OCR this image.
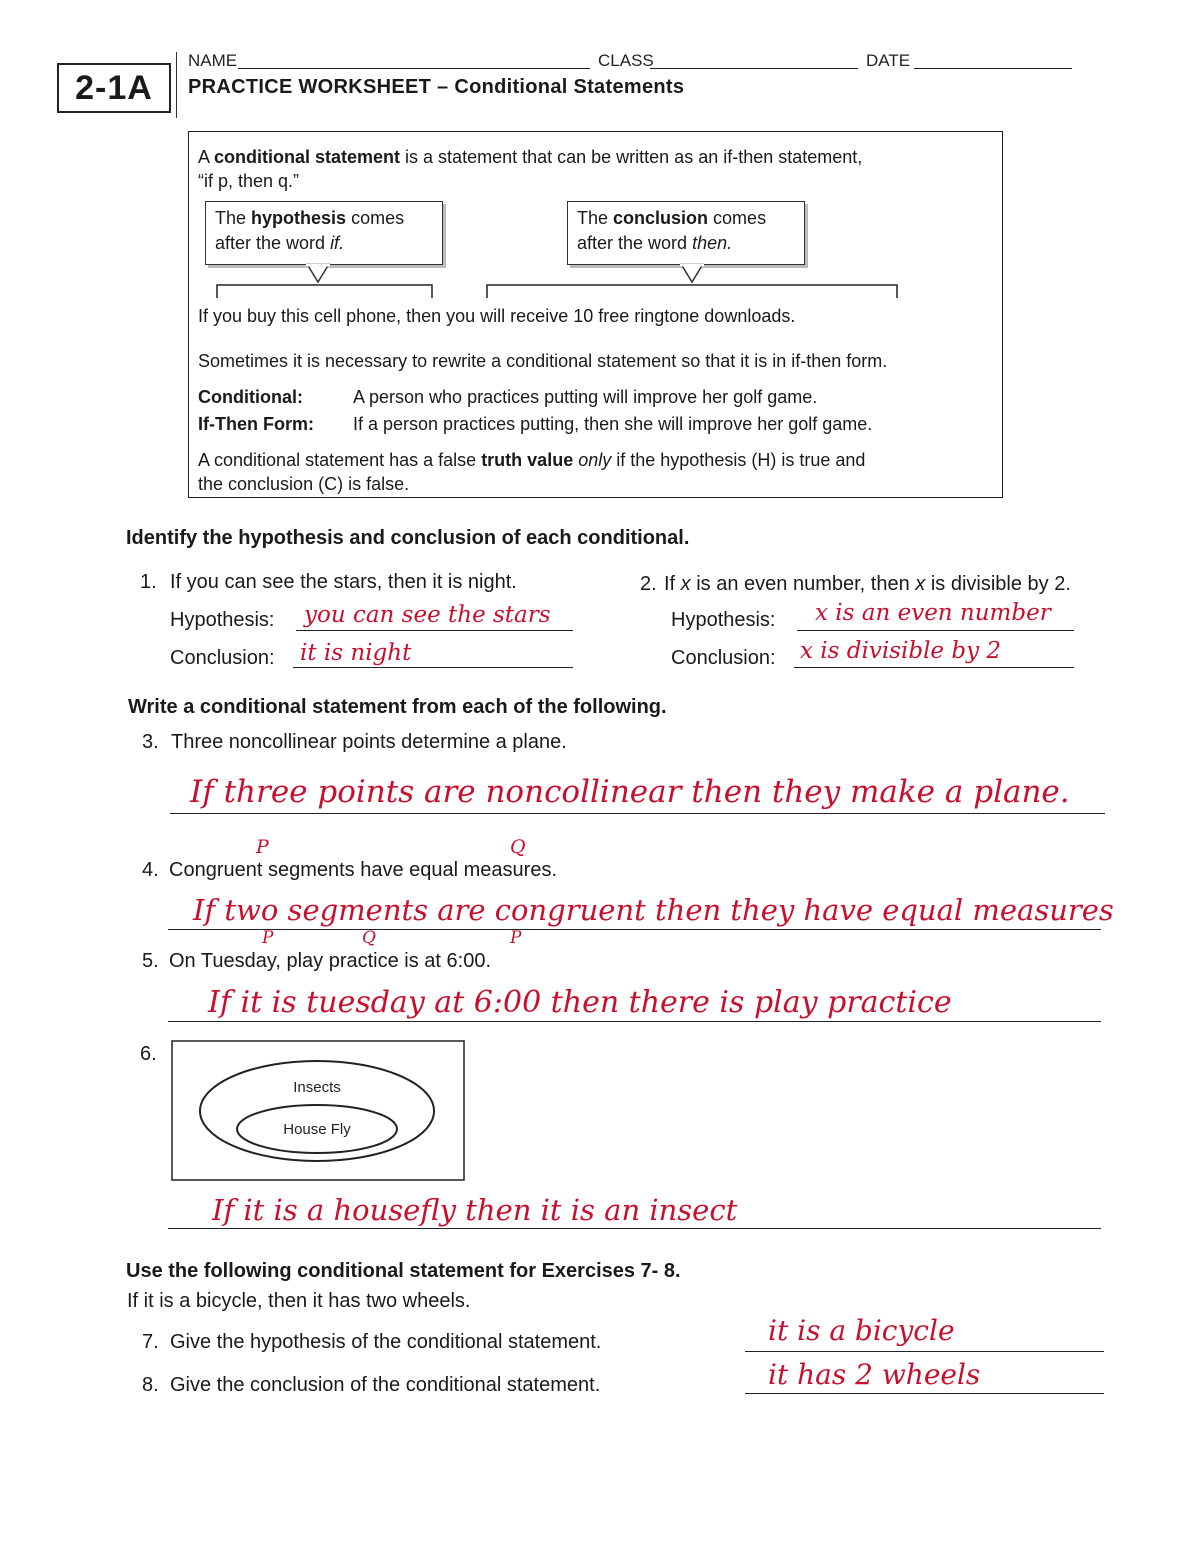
2-1A
NAME	CLASS	DATE
PRACTICE WORKSHEET – Conditional Statements
A conditional statement is a statement that can be written as an if-then statement,
“if p, then q.”
The hypothesis comes
after the word if.
The conclusion comes
after the word then.
If you buy this cell phone, then you will receive 10 free ringtone downloads.
Sometimes it is necessary to rewrite a conditional statement so that it is in if-then form.
Conditional:	A person who practices putting will improve her golf game.
If-Then Form: If a person practices putting, then she will improve her golf game.
A conditional statement has a false truth value only if the hypothesis (H) is true and
the conclusion (C) is false.
Identify the hypothesis and conclusion of each conditional.
1. If you can see the stars, then it is night.
Hypothesis: you can see the stars
Conclusion: it is night
2. If x is an even number, then x is divisible by 2.
Hypothesis: x is an even number
Conclusion: x is divisible by 2
Write a conditional statement from each of the following.
3. Three noncollinear points determine a plane.
If three points are noncollinear then they make a plane.
P	Q
4. Congruent segments have equal measures.
If two segments are congruent then they have equal measures
P	Q	P
5. On Tuesday, play practice is at 6:00.
If it is tuesday at 6:00 then there is play practice
6.
Insects
House Fly
If it is a housefly then it is an insect
Use the following conditional statement for Exercises 7- 8.
If it is a bicycle, then it has two wheels.
7. Give the hypothesis of the conditional statement.	it is a bicycle
8. Give the conclusion of the conditional statement.	it has 2 wheels
